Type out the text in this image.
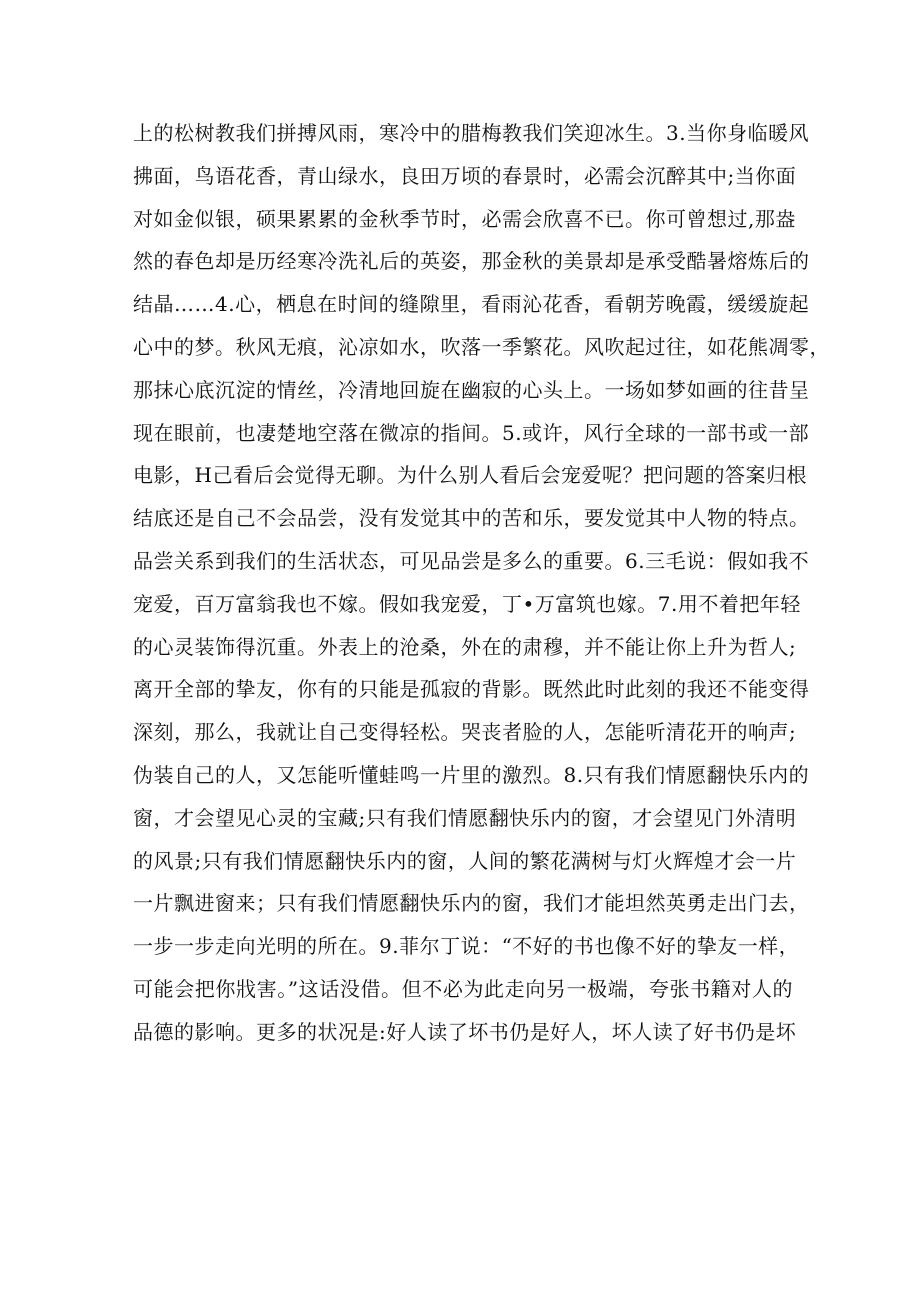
上的松树教我们拼搏风雨，寒冷中的腊梅教我们笑迎冰生。3.当你身临暖风
拂面，鸟语花香，青山绿水，良田万顷的春景时，必需会沉醉其中;当你面
对如金似银，硕果累累的金秋季节时，必需会欣喜不已。你可曾想过,那盎
然的春色却是历经寒冷洗礼后的英姿，那金秋的美景却是承受酷暑熔炼后的
结晶……4.心，栖息在时间的缝隙里，看雨沁花香，看朝芳晚霞，缓缓旋起
心中的梦。秋风无痕，沁凉如水，吹落一季繁花。风吹起过往，如花熊凋零，
那抹心底沉淀的情丝，冷清地回旋在幽寂的心头上。一场如梦如画的往昔呈
现在眼前，也凄楚地空落在微凉的指间。5.或许，风行全球的一部书或一部
电影，H己看后会觉得无聊。为什么别人看后会宠爱呢？把问题的答案归根
结底还是自己不会品尝，没有发觉其中的苦和乐，要发觉其中人物的特点。
品尝关系到我们的生活状态，可见品尝是多么的重要。6.三毛说：假如我不
宠爱，百万富翁我也不嫁。假如我宠爱，丁•万富筑也嫁。7.用不着把年轻
的心灵装饰得沉重。外表上的沧桑，外在的肃穆，并不能让你上升为哲人;
离开全部的挚友，你有的只能是孤寂的背影。既然此时此刻的我还不能变得
深刻，那么，我就让自己变得轻松。哭丧者脸的人，怎能听清花开的响声;
伪装自己的人，又怎能听懂蛙鸣一片里的激烈。8.只有我们情愿翻快乐内的
窗，才会望见心灵的宝藏;只有我们情愿翻快乐内的窗，才会望见门外清明
的风景;只有我们情愿翻快乐内的窗，人间的繁花满树与灯火辉煌才会一片
一片飘进窗来；只有我们情愿翻快乐内的窗，我们才能坦然英勇走出门去，
一步一步走向光明的所在。9.菲尔丁说：“不好的书也像不好的挚友一样，
可能会把你戕害。”这话没借。但不必为此走向另一极端，夸张书籍对人的
品德的影响。更多的状况是:好人读了坏书仍是好人，坏人读了好书仍是坏
